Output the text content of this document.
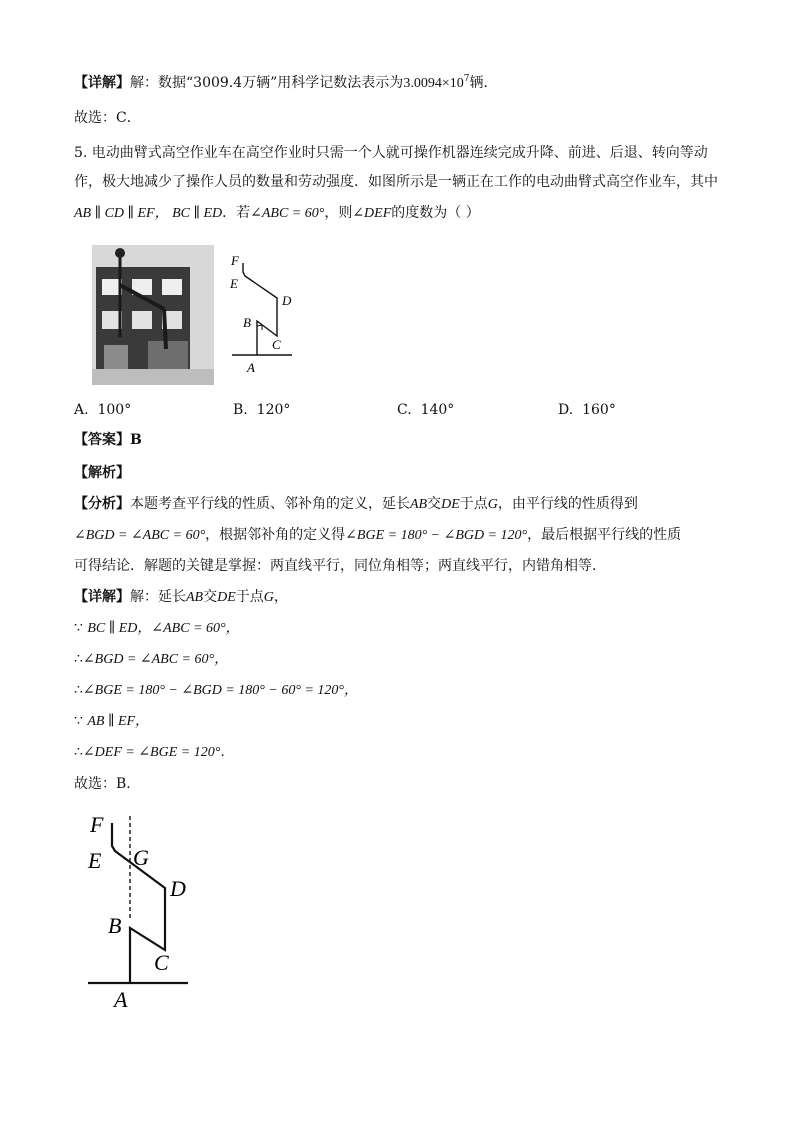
【详解】解：数据“3009.4万辆”用科学记数法表示为$3.0094\times 10^7$辆．
故选：C．
5. 电动曲臂式高空作业车在高空作业时只需一个人就可操作机器连续完成升降、前进、后退、转向等动
作，极大地减少了操作人员的数量和劳动强度．如图所示是一辆正在工作的电动曲臂式高空作业车，其中
AB ∥ CD ∥ EF， BC ∥ ED．若∠ABC = 60°，则∠DEF的度数为（ ）
F
E
D
B
C
A
A. 100°	B. 120°	C. 140°	D. 160°
【答案】B
【解析】
【分析】本题考查平行线的性质、邻补角的定义，延长AB交DE于点G，由平行线的性质得到
∠BGD = ∠ABC = 60°，根据邻补角的定义得∠BGE = 180° − ∠BGD = 120°，最后根据平行线的性质
可得结论．解题的关键是掌握：两直线平行，同位角相等；两直线平行，内错角相等．
【详解】解：延长AB交DE于点G，
∵ BC ∥ ED，∠ABC = 60°，
∴∠BGD = ∠ABC = 60°，
∴∠BGE = 180° − ∠BGD = 180° − 60° = 120°，
∵ AB ∥ EF，
∴∠DEF = ∠BGE = 120°．
故选：B．
F
E G
D
B
C
A
